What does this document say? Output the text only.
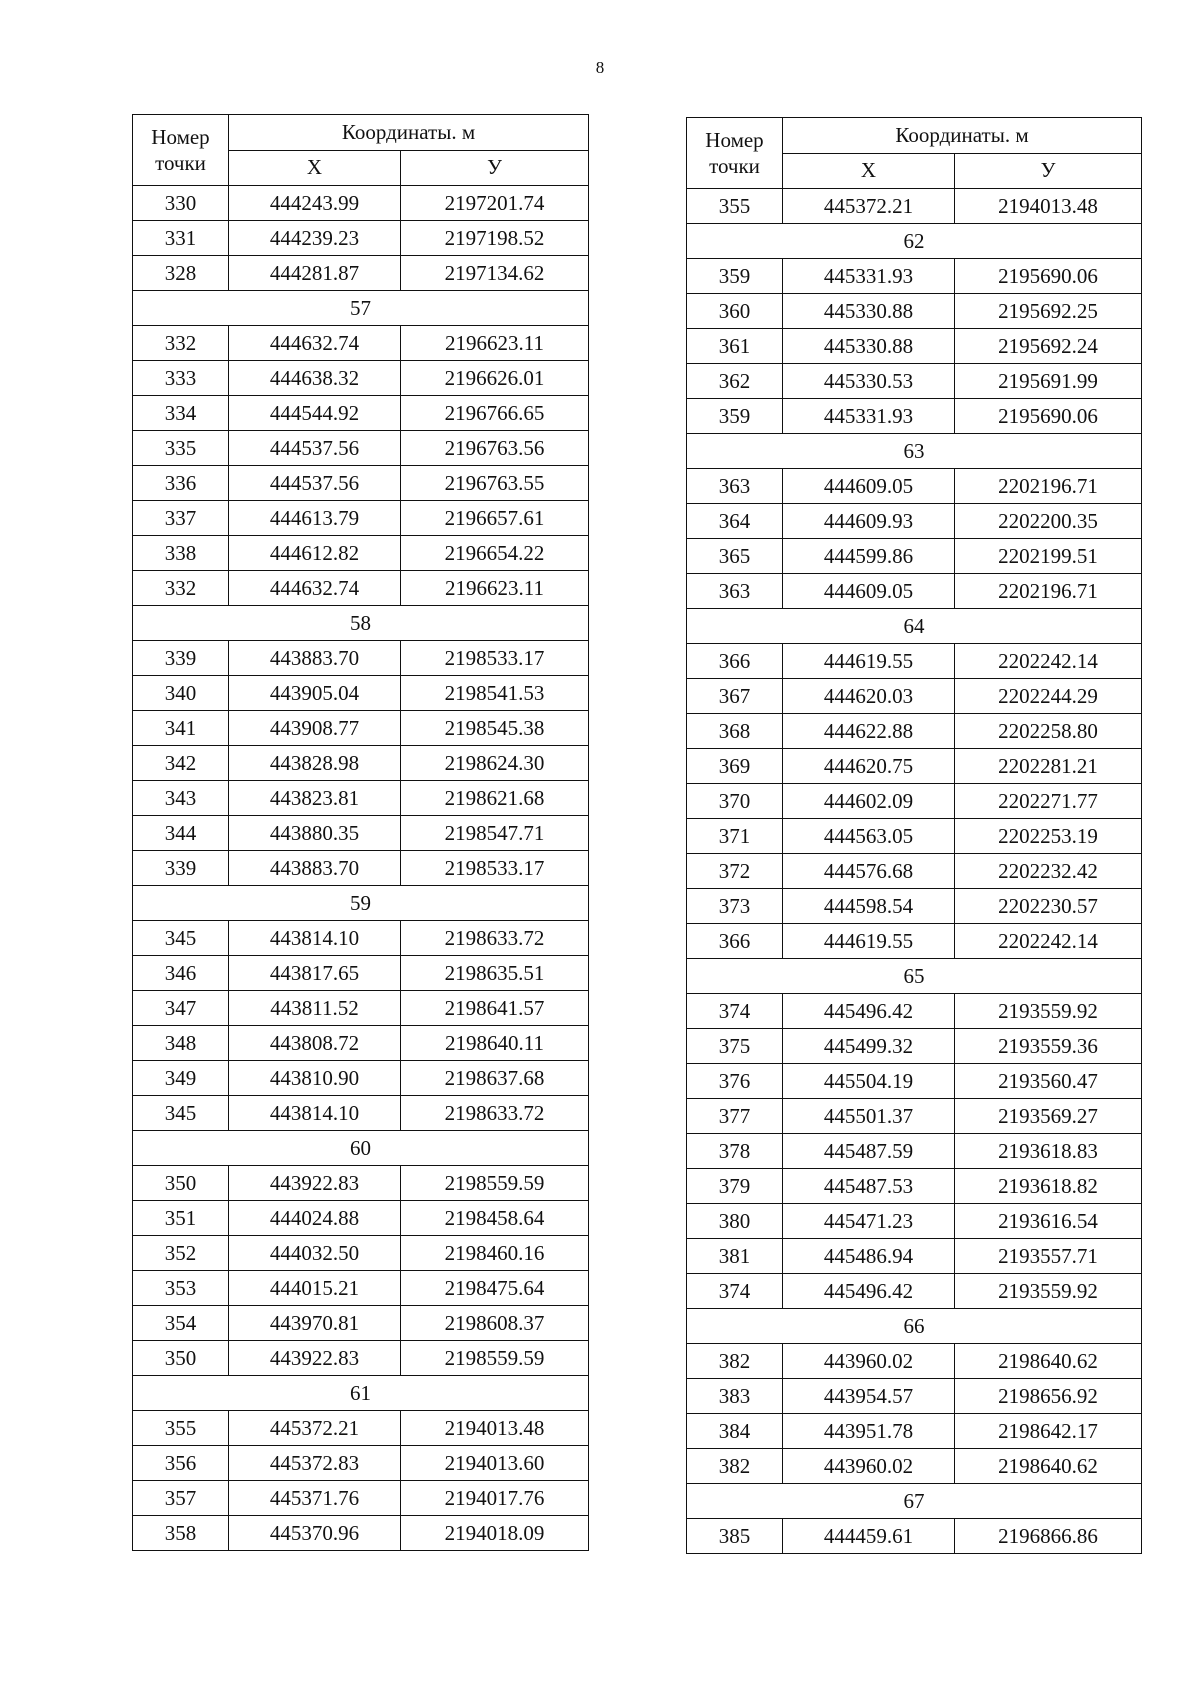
8
Номер точки	Координаты. м	
	Х	У
330	444243.99	2197201.74
331	444239.23	2197198.52
328	444281.87	2197134.62
57		
332	444632.74	2196623.11
333	444638.32	2196626.01
334	444544.92	2196766.65
335	444537.56	2196763.56
336	444537.56	2196763.55
337	444613.79	2196657.61
338	444612.82	2196654.22
332	444632.74	2196623.11
58		
339	443883.70	2198533.17
340	443905.04	2198541.53
341	443908.77	2198545.38
342	443828.98	2198624.30
343	443823.81	2198621.68
344	443880.35	2198547.71
339	443883.70	2198533.17
59		
345	443814.10	2198633.72
346	443817.65	2198635.51
347	443811.52	2198641.57
348	443808.72	2198640.11
349	443810.90	2198637.68
345	443814.10	2198633.72
60		
350	443922.83	2198559.59
351	444024.88	2198458.64
352	444032.50	2198460.16
353	444015.21	2198475.64
354	443970.81	2198608.37
350	443922.83	2198559.59
61		
355	445372.21	2194013.48
356	445372.83	2194013.60
357	445371.76	2194017.76
358	445370.96	2194018.09
Номер точки	Координаты. м	
	Х	У
355	445372.21	2194013.48
62		
359	445331.93	2195690.06
360	445330.88	2195692.25
361	445330.88	2195692.24
362	445330.53	2195691.99
359	445331.93	2195690.06
63		
363	444609.05	2202196.71
364	444609.93	2202200.35
365	444599.86	2202199.51
363	444609.05	2202196.71
64		
366	444619.55	2202242.14
367	444620.03	2202244.29
368	444622.88	2202258.80
369	444620.75	2202281.21
370	444602.09	2202271.77
371	444563.05	2202253.19
372	444576.68	2202232.42
373	444598.54	2202230.57
366	444619.55	2202242.14
65		
374	445496.42	2193559.92
375	445499.32	2193559.36
376	445504.19	2193560.47
377	445501.37	2193569.27
378	445487.59	2193618.83
379	445487.53	2193618.82
380	445471.23	2193616.54
381	445486.94	2193557.71
374	445496.42	2193559.92
66		
382	443960.02	2198640.62
383	443954.57	2198656.92
384	443951.78	2198642.17
382	443960.02	2198640.62
67		
385	444459.61	2196866.86
